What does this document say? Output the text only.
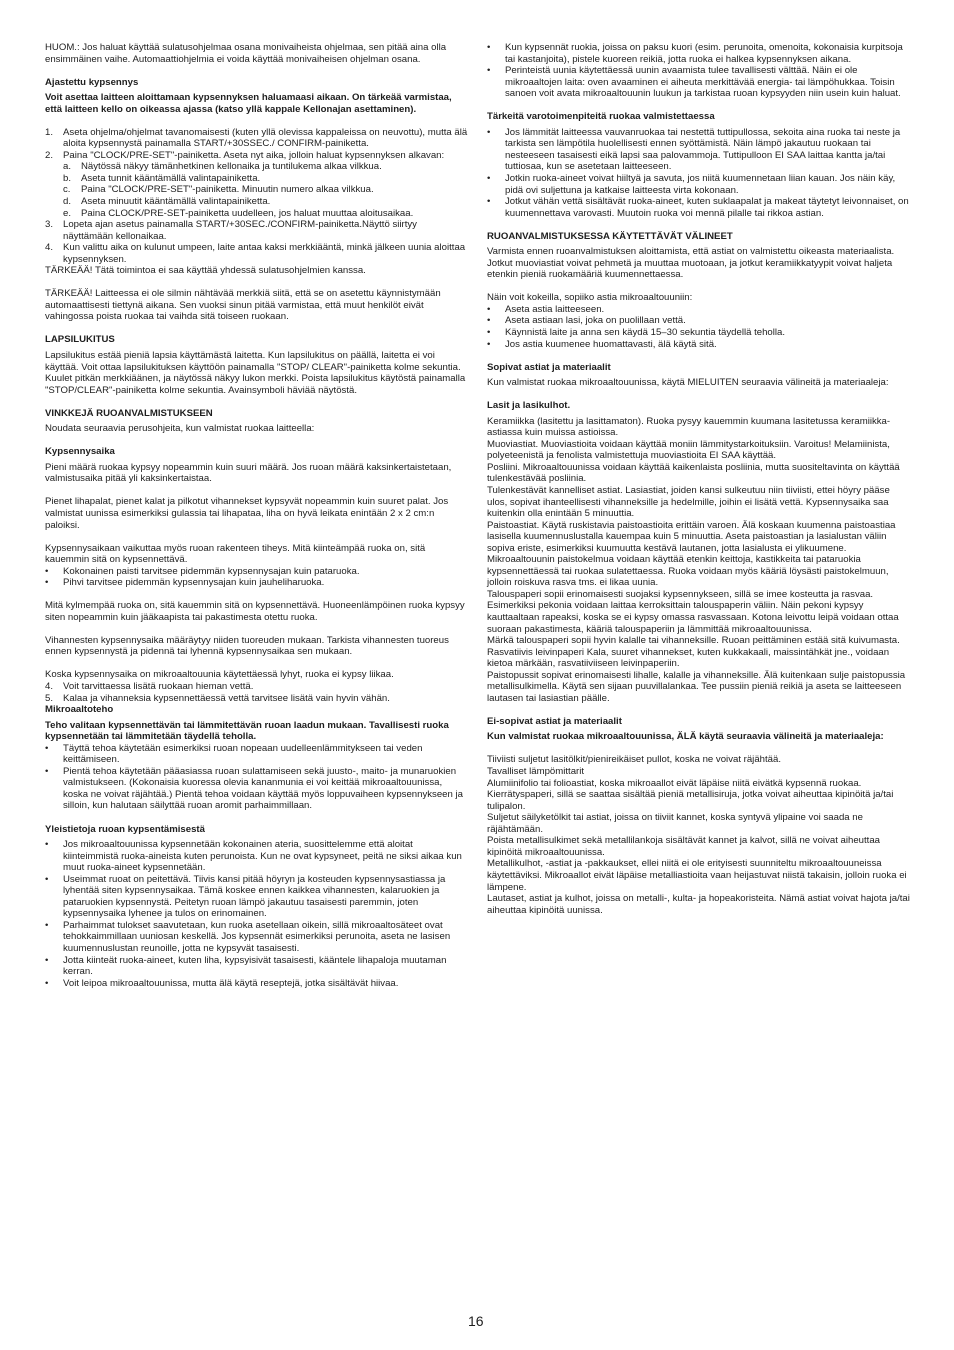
HUOM.: Jos haluat käyttää sulatusohjelmaa osana monivaiheista ohjelmaa, sen pitää aina olla ensimmäinen vaihe. Automaattiohjelmia ei voida käyttää monivaiheisen ohjelman osana.

Ajastettu kypsennys

Voit asettaa laitteen aloittamaan kypsennyksen haluamaasi aikaan. On tärkeää varmistaa, että laitteen kello on oikeassa ajassa (katso yllä kappale Kellonajan asettaminen).

1. Aseta ohjelma/ohjelmat tavanomaisesti (kuten yllä olevissa kappaleissa on neuvottu), mutta älä aloita kypsennystä painamalla START/+30SSEC./ CONFIRM-painiketta.
2. Paina "CLOCK/PRE-SET"-painiketta. Aseta nyt aika, jolloin haluat kypsennyksen alkavan:
a. Näytössä näkyy tämänhetkinen kellonaika ja tuntilukema alkaa vilkkua.
b. Aseta tunnit kääntämällä valintapainiketta.
c. Paina "CLOCK/PRE-SET"-painiketta. Minuutin numero alkaa vilkkua.
d. Aseta minuutit kääntämällä valintapainiketta.
e. Paina CLOCK/PRE-SET-painiketta uudelleen, jos haluat muuttaa aloitusaikaa.
3. Lopeta ajan asetus painamalla START/+30SEC./CONFIRM-painiketta.Näyttö siirtyy näyttämään kellonaikaa.
4. Kun valittu aika on kulunut umpeen, laite antaa kaksi merkkiääntä, minkä jälkeen uunia aloittaa kypsennyksen.

TÄRKEÄÄ! Tätä toimintoa ei saa käyttää yhdessä sulatusohjelmien kanssa.

TÄRKEÄÄ! Laitteessa ei ole silmin nähtävää merkkiä siitä, että se on asetettu käynnistymään automaattisesti tiettynä aikana. Sen vuoksi sinun pitää varmistaa, että muut henkilöt eivät vahingossa poista ruokaa tai vaihda sitä toiseen ruokaan.

LAPSILUKITUS

Lapsilukitus estää pieniä lapsia käyttämästä laitetta. Kun lapsilukitus on päällä, laitetta ei voi käyttää. Voit ottaa lapsilukituksen käyttöön painamalla "STOP/ CLEAR"-painiketta kolme sekuntia. Kuulet pitkän merkkiäänen, ja näytössä näkyy lukon merkki. Poista lapsilukitus käytöstä painamalla "STOP/CLEAR"-painiketta kolme sekuntia. Avainsymboli häviää näytöstä.

VINKKEJÄ RUOANVALMISTUKSEEN

Noudata seuraavia perusohjeita, kun valmistat ruokaa laitteella:

Kypsennysaika

Pieni määrä ruokaa kypsyy nopeammin kuin suuri määrä. Jos ruoan määrä kaksinkertaistetaan, valmistusaika pitää yli kaksinkertaistaa.

Pienet lihapalat, pienet kalat ja pilkotut vihannekset kypsyvät nopeammin kuin suuret palat. Jos valmistat uunissa esimerkiksi gulassia tai lihapataa, liha on hyvä leikata enintään 2 x 2 cm:n paloiksi.

Kypsennysaikaan vaikuttaa myös ruoan rakenteen tiheys. Mitä kiinteämpää ruoka on, sitä kauemmin sitä on kypsennettävä.

• Kokonainen paisti tarvitsee pidemmän kypsennysajan kuin pataruoka.
• Pihvi tarvitsee pidemmän kypsennysajan kuin jauheliharuoka.

Mitä kylmempää ruoka on, sitä kauemmin sitä on kypsennettävä. Huoneenlämpöinen ruoka kypsyy siten nopeammin kuin jääkaapista tai pakastimesta otettu ruoka.

Vihannesten kypsennysaika määräytyy niiden tuoreuden mukaan. Tarkista vihannesten tuoreus ennen kypsennystä ja pidennä tai lyhennä kypsennysaikaa sen mukaan.

Koska kypsennysaika on mikroaaltouunia käytettäessä lyhyt, ruoka ei kypsy liikaa.

4. Voit tarvittaessa lisätä ruokaan hieman vettä.
5. Kalaa ja vihanneksia kypsennettäessä vettä tarvitsee lisätä vain hyvin vähän.
Mikroaaltoteho

Teho valitaan kypsennettävän tai lämmitettävän ruoan laadun mukaan. Tavallisesti ruoka kypsennetään tai lämmitetään täydellä teholla.

• Täyttä tehoa käytetään esimerkiksi ruoan nopeaan uudelleenlämmitykseen tai veden keittämiseen.
• Pientä tehoa käytetään pääasiassa ruoan sulattamiseen sekä juusto-, maito- ja munaruokien valmistukseen. (Kokonaisia kuoressa olevia kananmunia ei voi keittää mikroaaltouunissa, koska ne voivat räjähtää.) Pientä tehoa voidaan käyttää myös loppuvaiheen kypsennykseen ja silloin, kun halutaan säilyttää ruoan aromit parhaimmillaan.
Yleistietoja ruoan kypsentämisestä
• Jos mikroaaltouunissa kypsennetään kokonainen ateria, suosittelemme että aloitat kiinteimmistä ruoka-aineista kuten perunoista. Kun ne ovat kypsyneet, peitä ne siksi aikaa kun muut ruoka-aineet kypsennetään.
• Useimmat ruoat on peitettävä. Tiivis kansi pitää höyryn ja kosteuden kypsennysastiassa ja lyhentää siten kypsennysaikaa. Tämä koskee ennen kaikkea vihannesten, kalaruokien ja pataruokien kypsennystä. Peitetyn ruoan lämpö jakautuu tasaisesti paremmin, joten kypsennysaika lyhenee ja tulos on erinomainen.
• Parhaimmat tulokset saavutetaan, kun ruoka asetellaan oikein, sillä mikroaaltosäteet ovat tehokkaimmillaan uuniosan keskellä. Jos kypsennät esimerkiksi perunoita, aseta ne lasisen kuumennuslustan reunoille, jotta ne kypsyvät tasaisesti.
• Jotta kiinteät ruoka-aineet, kuten liha, kypsyisivät tasaisesti, kääntele lihapaloja muutaman kerran.
• Voit leipoa mikroaaltouunissa, mutta älä käytä reseptejä, jotka sisältävät hiivaa.
• Kun kypsennät ruokia, joissa on paksu kuori (esim. perunoita, omenoita, kokonaisia kurpitsoja tai kastanjoita), pistele kuoreen reikiä, jotta ruoka ei halkea kypsennyksen aikana.
• Perinteistä uunia käytettäessä uunin avaamista tulee tavallisesti välttää. Näin ei ole mikroaaltojen laita: oven avaaminen ei aiheuta merkittävää energia- tai lämpöhukkaa. Toisin sanoen voit avata mikroaaltouunin luukun ja tarkistaa ruoan kypsyyden niin usein kuin haluat.
Tärkeitä varotoimenpiteitä ruokaa valmistettaessa
• Jos lämmität laitteessa vauvanruokaa tai nestettä tuttipullossa, sekoita aina ruoka tai neste ja tarkista sen lämpötila huolellisesti ennen syöttämistä. Näin lämpö jakautuu ruokaan tai nesteeseen tasaisesti eikä lapsi saa palovammoja. Tuttipulloon EI SAA laittaa kantta ja/tai tuttiosaa, kun se asetetaan laitteeseen.
• Jotkin ruoka-aineet voivat hiiltyä ja savuta, jos niitä kuumennetaan liian kauan. Jos näin käy, pidä ovi suljettuna ja katkaise laitteesta virta kokonaan.
• Jotkut vähän vettä sisältävät ruoka-aineet, kuten suklaapalat ja makeat täytetyt leivonnaiset, on kuumennettava varovasti. Muutoin ruoka voi mennä pilalle tai rikkoa astian.
RUOANVALMISTUKSESSA KÄYTETTÄVÄT VÄLINEET

Varmista ennen ruoanvalmistuksen aloittamista, että astiat on valmistettu oikeasta materiaalista. Jotkut muoviastiat voivat pehmetä ja muuttaa muotoaan, ja jotkut keramiikkatyypit voivat haljeta etenkin pieniä ruokamääriä kuumennettaessa.

Näin voit kokeilla, sopiiko astia mikroaaltouuniin:

• Aseta astia laitteeseen.
• Aseta astiaan lasi, joka on puolillaan vettä.
• Käynnistä laite ja anna sen käydä 15–30 sekuntia täydellä teholla.
• Jos astia kuumenee huomattavasti, älä käytä sitä.
Sopivat astiat ja materiaalit

Kun valmistat ruokaa mikroaaltouunissa, käytä MIELUITEN seuraavia välineitä ja materiaaleja:

Lasit ja lasikulhot.

Keramiikka (lasitettu ja lasittamaton). Ruoka pysyy kauemmin kuumana lasitetussa keramiikka-astiassa kuin muissa astioissa.

Muoviastiat. Muoviastioita voidaan käyttää moniin lämmitystarkoituksiin. Varoitus! Melamiinista, polyeteenistä ja fenolista valmistettuja muoviastioita EI SAA käyttää.

Posliini. Mikroaaltouunissa voidaan käyttää kaikenlaista posliinia, mutta suositeltavinta on käyttää tulenkestävää posliinia.

Tulenkestävät kannelliset astiat. Lasiastiat, joiden kansi sulkeutuu niin tiiviisti, ettei höyry pääse ulos, sopivat ihanteellisesti vihanneksille ja hedelmille, joihin ei lisätä vettä. Kypsennysaika saa kuitenkin olla enintään 5 minuuttia.

Paistoastiat. Käytä ruskistavia paistoastioita erittäin varoen. Älä koskaan kuumenna paistoastiaa lasisella kuumennuslustalla kauempaa kuin 5 minuuttia. Aseta paistoastian ja lasialustan väliin sopiva eriste, esimerkiksi kuumuutta kestävä lautanen, jotta lasialusta ei ylikuumene.

Mikroaaltouunin paistokelmua voidaan käyttää etenkin keittoja, kastikkeita tai pataruokia kypsennettäessä tai ruokaa sulatettaessa. Ruoka voidaan myös kääriä löysästi paistokelmuun, jolloin roiskuva rasva tms. ei likaa uunia.

Talouspaperi sopii erinomaisesti suojaksi kypsennykseen, sillä se imee kosteutta ja rasvaa. Esimerkiksi pekonia voidaan laittaa kerroksittain talouspaperin väliin. Näin pekoni kypsyy kauttaaltaan rapeaksi, koska se ei kypsy omassa rasvassaan. Kotona leivottu leipä voidaan ottaa suoraan pakastimesta, kääriä talouspaperiin ja lämmittää mikroaaltouunissa.

Märkä talouspaperi sopii hyvin kalalle tai vihanneksille. Ruoan peittäminen estää sitä kuivumasta.

Rasvatiivis leivinpaperi Kala, suuret vihannekset, kuten kukkakaali, maissintähkät jne., voidaan kietoa märkään, rasvatiiviiseen leivinpaperiin.

Paistopussit sopivat erinomaisesti lihalle, kalalle ja vihanneksille. Älä kuitenkaan sulje paistopussia metallisulkimella. Käytä sen sijaan puuvillalankaa. Tee pussiin pieniä reikiä ja aseta se laitteeseen lautasen tai lasiastian päälle.

Ei-sopivat astiat ja materiaalit

Kun valmistat ruokaa mikroaaltouunissa, ÄLÄ käytä seuraavia välineitä ja materiaaleja:

Tiiviisti suljetut lasitölkit/pienireikäiset pullot, koska ne voivat räjähtää.

Tavalliset lämpömittarit

Alumiinifolio tai folioastiat, koska mikroaallot eivät läpäise niitä eivätkä kypsennä ruokaa.

Kierrätyspaperi, sillä se saattaa sisältää pieniä metallisiruja, jotka voivat aiheuttaa kipinöitä ja/tai tulipalon.

Suljetut säilyketölkit tai astiat, joissa on tiiviit kannet, koska syntyvä ylipaine voi saada ne räjähtämään.

Poista metallisulkimet sekä metallilankoja sisältävät kannet ja kalvot, sillä ne voivat aiheuttaa kipinöitä mikroaaltouunissa.

Metallikulhot, -astiat ja -pakkaukset, ellei niitä ei ole erityisesti suunniteltu mikroaaltouuneissa käytettäviksi. Mikroaallot eivät läpäise metalliastioita vaan heijastuvat niistä takaisin, jolloin ruoka ei lämpene.

Lautaset, astiat ja kulhot, joissa on metalli-, kulta- ja hopeakoristeita. Nämä astiat voivat hajota ja/tai aiheuttaa kipinöitä uunissa.

16
